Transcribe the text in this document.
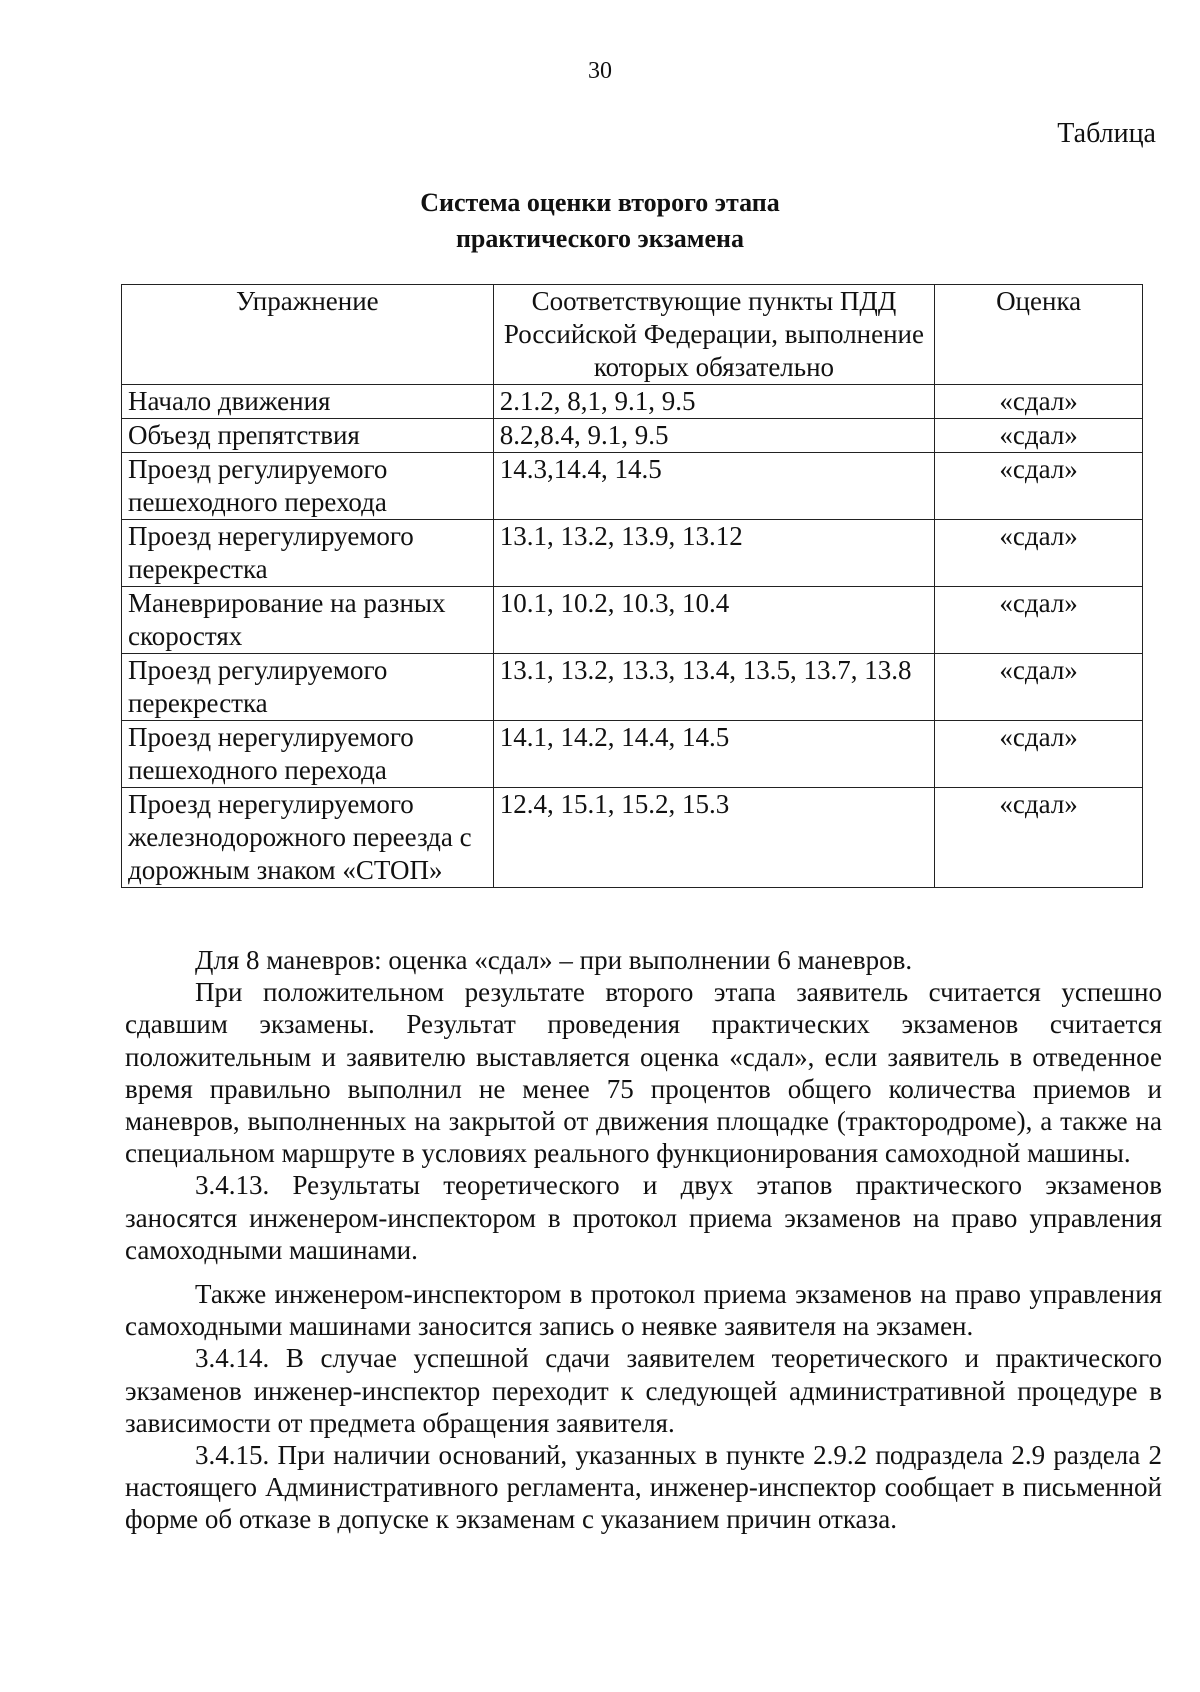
30
Таблица
Система оценки второго этапа
практического экзамена
Упражнение	Соответствующие пункты ПДД Российской Федерации, выполнение которых обязательно	Оценка
Начало движения	2.1.2, 8,1, 9.1, 9.5	«сдал»
Объезд препятствия	8.2,8.4, 9.1, 9.5	«сдал»
Проезд регулируемого пешеходного перехода	14.3,14.4, 14.5	«сдал»
Проезд нерегулируемого перекрестка	13.1, 13.2, 13.9, 13.12	«сдал»
Маневрирование на разных скоростях	10.1, 10.2, 10.3, 10.4	«сдал»
Проезд регулируемого перекрестка	13.1, 13.2, 13.3, 13.4, 13.5, 13.7, 13.8	«сдал»
Проезд нерегулируемого пешеходного перехода	14.1, 14.2, 14.4, 14.5	«сдал»
Проезд нерегулируемого железнодорожного переезда с дорожным знаком «СТОП»	12.4, 15.1, 15.2, 15.3	«сдал»

Для 8 маневров: оценка «сдал» – при выполнении 6 маневров.

При положительном результате второго этапа заявитель считается успешно сдавшим экзамены. Результат проведения практических экзаменов считается положительным и заявителю выставляется оценка «сдал», если заявитель в отведенное время правильно выполнил не менее 75 процентов общего количества приемов и маневров, выполненных на закрытой от движения площадке (трактородроме), а также на специальном маршруте в условиях реального функционирования самоходной машины.

3.4.13. Результаты теоретического и двух этапов практического экзаменов заносятся инженером-инспектором в протокол приема экзаменов на право управления самоходными машинами.

Также инженером-инспектором в протокол приема экзаменов на право управления самоходными машинами заносится запись о неявке заявителя на экзамен.

3.4.14. В случае успешной сдачи заявителем теоретического и практического экзаменов инженер-инспектор переходит к следующей административной процедуре в зависимости от предмета обращения заявителя.

3.4.15. При наличии оснований, указанных в пункте 2.9.2 подраздела 2.9 раздела 2 настоящего Административного регламента, инженер-инспектор сообщает в письменной форме об отказе в допуске к экзаменам с указанием причин отказа.
